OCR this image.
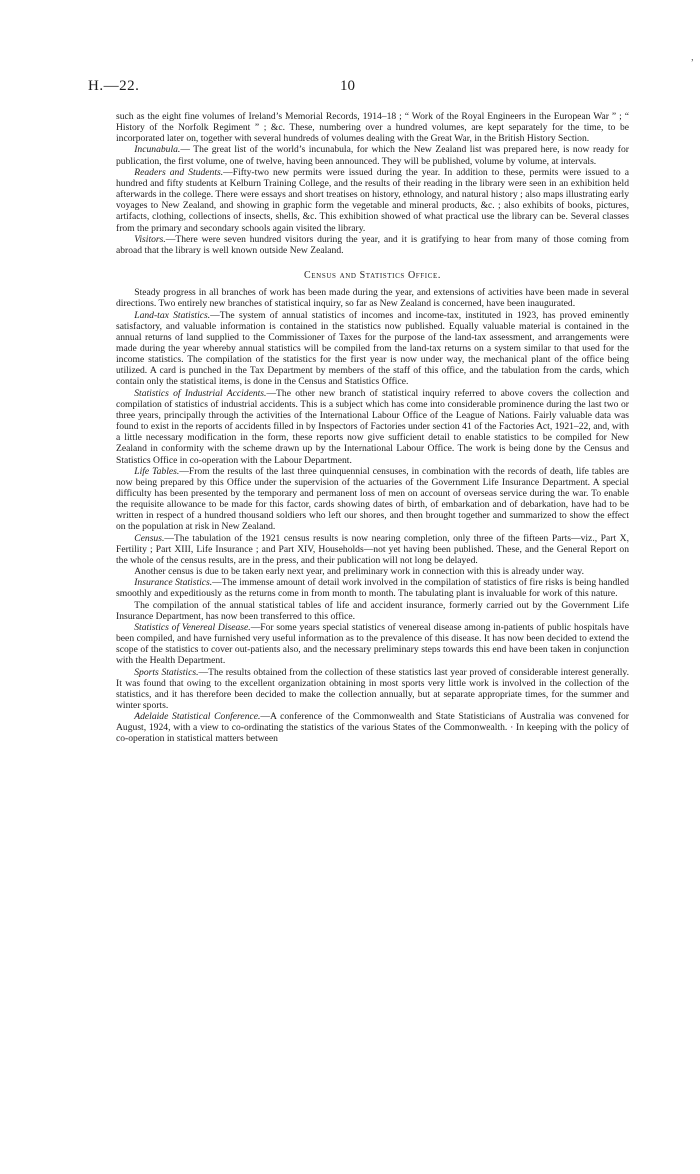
H.—22.	10
’

such as the eight fine volumes of Ireland’s Memorial Records, 1914–18 ; “ Work of the Royal Engineers in the European War ” ; “ History of the Norfolk Regiment ” ; &c. These, numbering over a hundred volumes, are kept separately for the time, to be incorporated later on, together with several hundreds of volumes dealing with the Great War, in the British History Section.

Incunabula.— The great list of the world’s incunabula, for which the New Zealand list was prepared here, is now ready for publication, the first volume, one of twelve, having been announced. They will be published, volume by volume, at intervals.

Readers and Students.—Fifty-two new permits were issued during the year. In addition to these, permits were issued to a hundred and fifty students at Kelburn Training College, and the results of their reading in the library were seen in an exhibition held afterwards in the college. There were essays and short treatises on history, ethnology, and natural history ; also maps illustrating early voyages to New Zealand, and showing in graphic form the vegetable and mineral products, &c. ; also exhibits of books, pictures, artifacts, clothing, collections of insects, shells, &c. This exhibition showed of what practical use the library can be. Several classes from the primary and secondary schools again visited the library.

Visitors.—There were seven hundred visitors during the year, and it is gratifying to hear from many of those coming from abroad that the library is well known outside New Zealand.

Census and Statistics Office.

Steady progress in all branches of work has been made during the year, and extensions of activities have been made in several directions. Two entirely new branches of statistical inquiry, so far as New Zealand is concerned, have been inaugurated.

Land-tax Statistics.—The system of annual statistics of incomes and income-tax, instituted in 1923, has proved eminently satisfactory, and valuable information is contained in the statistics now published. Equally valuable material is contained in the annual returns of land supplied to the Commissioner of Taxes for the purpose of the land-tax assessment, and arrangements were made during the year whereby annual statistics will be compiled from the land-tax returns on a system similar to that used for the income statistics. The compilation of the statistics for the first year is now under way, the mechanical plant of the office being utilized. A card is punched in the Tax Department by members of the staff of this office, and the tabulation from the cards, which contain only the statistical items, is done in the Census and Statistics Office.

Statistics of Industrial Accidents.—The other new branch of statistical inquiry referred to above covers the collection and compilation of statistics of industrial accidents. This is a subject which has come into considerable prominence during the last two or three years, principally through the activities of the International Labour Office of the League of Nations. Fairly valuable data was found to exist in the reports of accidents filled in by Inspectors of Factories under section 41 of the Factories Act, 1921–22, and, with a little necessary modification in the form, these reports now give sufficient detail to enable statistics to be compiled for New Zealand in conformity with the scheme drawn up by the International Labour Office. The work is being done by the Census and Statistics Office in co-operation with the Labour Department.

Life Tables.—From the results of the last three quinquennial censuses, in combination with the records of death, life tables are now being prepared by this Office under the supervision of the actuaries of the Government Life Insurance Department. A special difficulty has been presented by the temporary and permanent loss of men on account of overseas service during the war. To enable the requisite allowance to be made for this factor, cards showing dates of birth, of embarkation and of debarkation, have had to be written in respect of a hundred thousand soldiers who left our shores, and then brought together and summarized to show the effect on the population at risk in New Zealand.

Census.—The tabulation of the 1921 census results is now nearing completion, only three of the fifteen Parts—viz., Part X, Fertility ; Part XIII, Life Insurance ; and Part XIV, Households—not yet having been published. These, and the General Report on the whole of the census results, are in the press, and their publication will not long be delayed.

Another census is due to be taken early next year, and preliminary work in connection with this is already under way.

Insurance Statistics.—The immense amount of detail work involved in the compilation of statistics of fire risks is being handled smoothly and expeditiously as the returns come in from month to month. The tabulating plant is invaluable for work of this nature.

The compilation of the annual statistical tables of life and accident insurance, formerly carried out by the Government Life Insurance Department, has now been transferred to this office.

Statistics of Venereal Disease.—For some years special statistics of venereal disease among in-patients of public hospitals have been compiled, and have furnished very useful information as to the prevalence of this disease. It has now been decided to extend the scope of the statistics to cover out-patients also, and the necessary preliminary steps towards this end have been taken in conjunction with the Health Department.

Sports Statistics.—The results obtained from the collection of these statistics last year proved of considerable interest generally. It was found that owing to the excellent organization obtaining in most sports very little work is involved in the collection of the statistics, and it has therefore been decided to make the collection annually, but at separate appropriate times, for the summer and winter sports.

Adelaide Statistical Conference.—A conference of the Commonwealth and State Statisticians of Australia was convened for August, 1924, with a view to co-ordinating the statistics of the various States of the Commonwealth. · In keeping with the policy of co-operation in statistical matters between
